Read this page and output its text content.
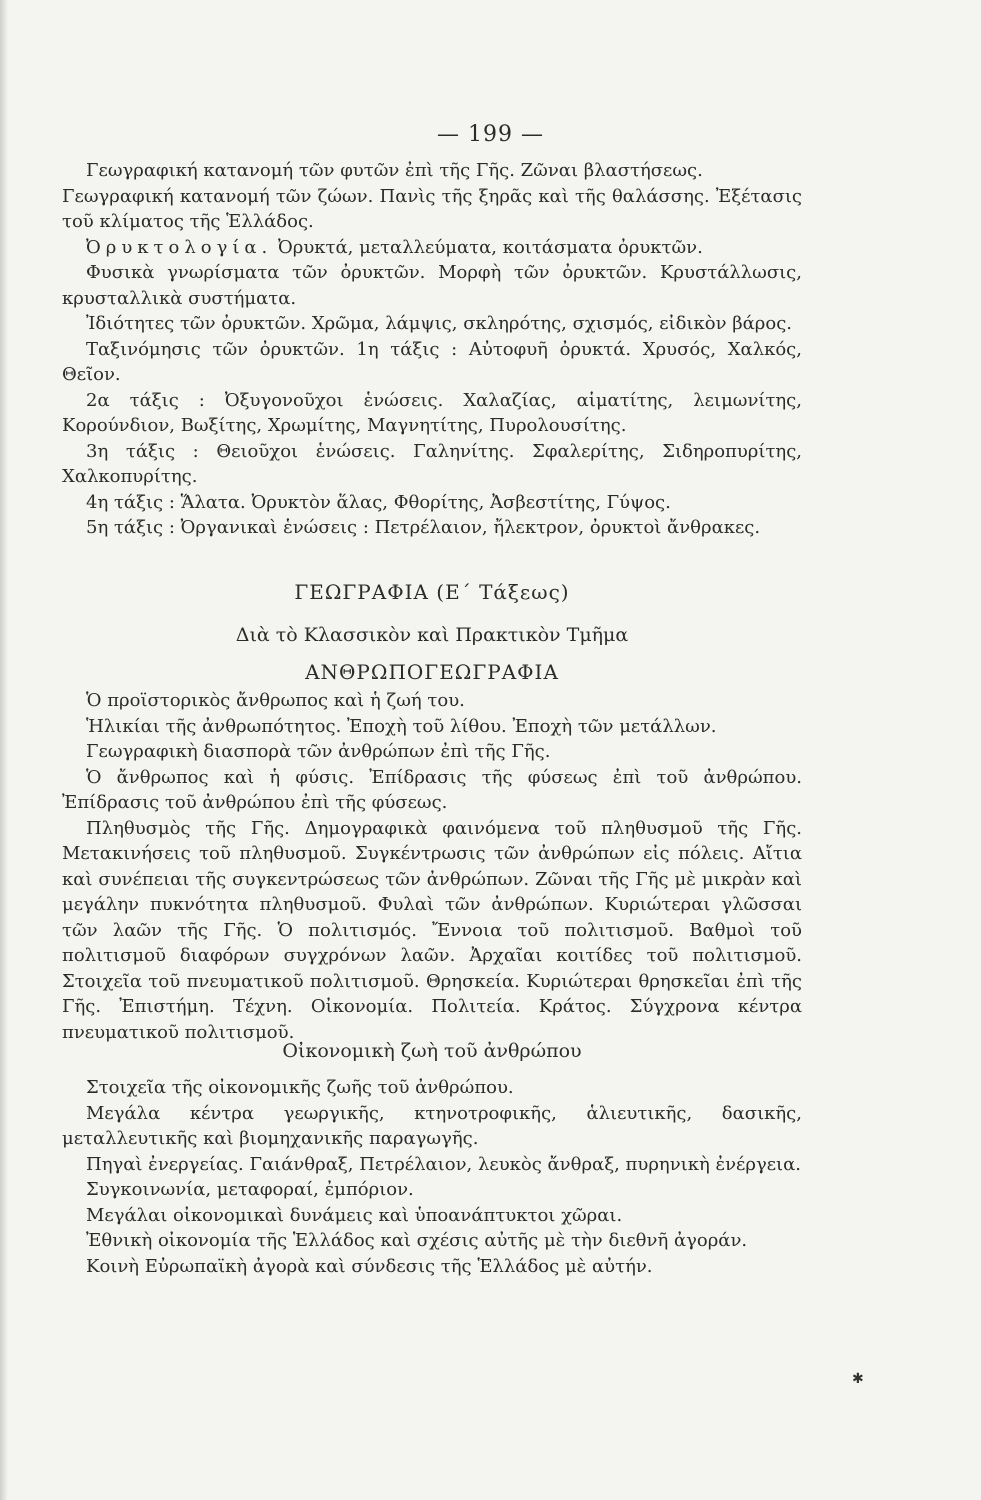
— 199 —

Γεωγραφική κατανομή τῶν φυτῶν ἐπὶ τῆς Γῆς. Ζῶναι βλαστήσεως.

Γεωγραφική κατανομή τῶν ζώων. Πανὶς τῆς ξηρᾶς καὶ τῆς θαλάσσης. Ἐξέτασις τοῦ κλίματος τῆς Ἑλλάδος.

Ὀρυκτολογία. Ὀρυκτά, μεταλλεύματα, κοιτάσματα ὀρυκτῶν.

Φυσικὰ γνωρίσματα τῶν ὀρυκτῶν. Μορφὴ τῶν ὀρυκτῶν. Κρυστάλλωσις, κρυσταλλικὰ συστήματα.

Ἰδιότητες τῶν ὀρυκτῶν. Χρῶμα, λάμψις, σκληρότης, σχισμός, εἰδικὸν βάρος.

Ταξινόμησις τῶν ὀρυκτῶν. 1η τάξις : Αὐτοφυῆ ὀρυκτά. Χρυσός, Χαλκός, Θεῖον.

2α τάξις : Ὀξυγονοῦχοι ἑνώσεις. Χαλαζίας, αἱματίτης, λειμωνίτης, Κορούνδιον, Βωξίτης, Χρωμίτης, Μαγνητίτης, Πυρολουσίτης.

3η τάξις : Θειοῦχοι ἑνώσεις. Γαληνίτης. Σφαλερίτης, Σιδηροπυρίτης, Χαλκοπυρίτης.

4η τάξις : Ἅλατα. Ὀρυκτὸν ἅλας, Φθορίτης, Ἀσβεστίτης, Γύψος.

5η τάξις : Ὀργανικαὶ ἑνώσεις : Πετρέλαιον, ἤλεκτρον, ὀρυκτοὶ ἄνθρακες.

ΓΕΩΓΡΑΦΙΑ (Ε΄ Τάξεως)
Διὰ τὸ Κλασσικὸν καὶ Πρακτικὸν Τμῆμα
ΑΝΘΡΩΠΟΓΕΩΓΡΑΦΙΑ

Ὁ προϊστορικὸς ἄνθρωπος καὶ ἡ ζωή του.

Ἡλικίαι τῆς ἀνθρωπότητος. Ἐποχὴ τοῦ λίθου. Ἐποχὴ τῶν μετάλλων.

Γεωγραφικὴ διασπορὰ τῶν ἀνθρώπων ἐπὶ τῆς Γῆς.

Ὁ ἄνθρωπος καὶ ἡ φύσις. Ἐπίδρασις τῆς φύσεως ἐπὶ τοῦ ἀνθρώπου. Ἐπίδρασις τοῦ ἀνθρώπου ἐπὶ τῆς φύσεως.

Πληθυσμὸς τῆς Γῆς. Δημογραφικὰ φαινόμενα τοῦ πληθυσμοῦ τῆς Γῆς. Μετακινήσεις τοῦ πληθυσμοῦ. Συγκέντρωσις τῶν ἀνθρώπων εἰς πόλεις. Αἴτια καὶ συνέπειαι τῆς συγκεντρώσεως τῶν ἀνθρώπων. Ζῶναι τῆς Γῆς μὲ μικρὰν καὶ μεγάλην πυκνότητα πληθυσμοῦ. Φυλαὶ τῶν ἀνθρώπων. Κυριώτεραι γλῶσσαι τῶν λαῶν τῆς Γῆς. Ὁ πολιτισμός. Ἔννοια τοῦ πολιτισμοῦ. Βαθμοὶ τοῦ πολιτισμοῦ διαφόρων συγχρόνων λαῶν. Ἀρχαῖαι κοιτίδες τοῦ πολιτισμοῦ. Στοιχεῖα τοῦ πνευματικοῦ πολιτισμοῦ. Θρησκεία. Κυριώτεραι θρησκεῖαι ἐπὶ τῆς Γῆς. Ἐπιστήμη. Τέχνη. Οἰκονομία. Πολιτεία. Κράτος. Σύγχρονα κέντρα πνευματικοῦ πολιτισμοῦ.

Οἰκονομικὴ ζωὴ τοῦ ἀνθρώπου

Στοιχεῖα τῆς οἰκονομικῆς ζωῆς τοῦ ἀνθρώπου.

Μεγάλα κέντρα γεωργικῆς, κτηνοτροφικῆς, ἁλιευτικῆς, δασικῆς, μεταλλευτικῆς καὶ βιομηχανικῆς παραγωγῆς.

Πηγαὶ ἐνεργείας. Γαιάνθραξ, Πετρέλαιον, λευκὸς ἄνθραξ, πυρηνικὴ ἐνέργεια.

Συγκοινωνία, μεταφοραί, ἐμπόριον.

Μεγάλαι οἰκονομικαὶ δυνάμεις καὶ ὑποανάπτυκτοι χῶραι.

Ἐθνικὴ οἰκονομία τῆς Ἑλλάδος καὶ σχέσις αὐτῆς μὲ τὴν διεθνῆ ἀγοράν.

Κοινὴ Εὐρωπαϊκὴ ἀγορὰ καὶ σύνδεσις τῆς Ἑλλάδος μὲ αὐτήν.

✱
